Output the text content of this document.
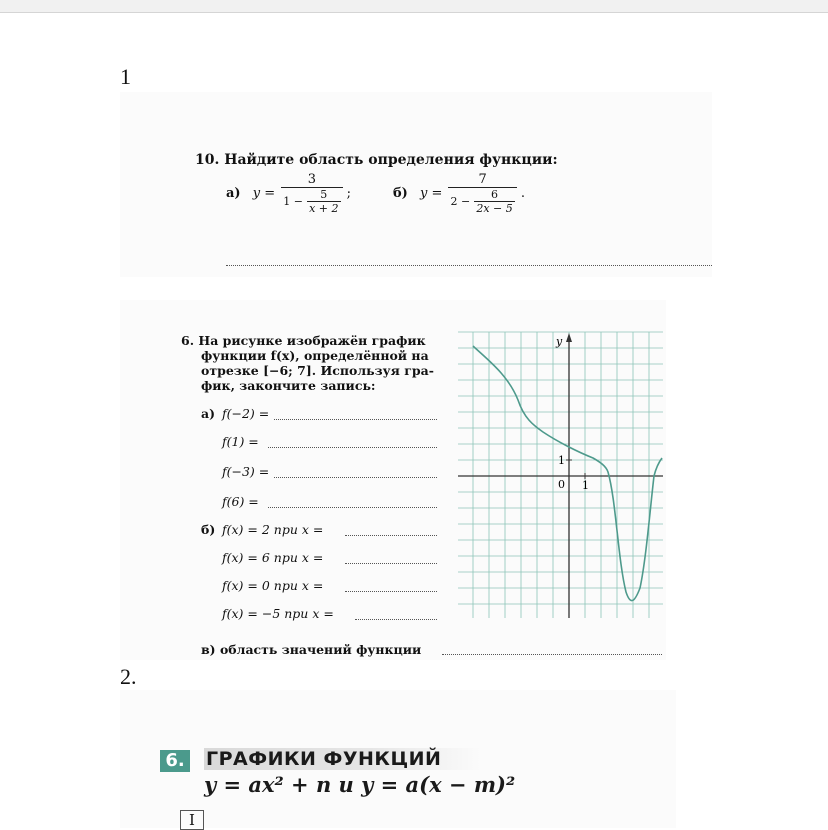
1
10. Найдите область определения функции:
а) $y = \frac{3}{1 - \frac{5}{x + 2}}$ ;	б) $y = \frac{7}{2 - \frac{6}{2x - 5}}$ .
6. На рисунке изображён график
функции f(x), определённой на
отрезке [−6; 7]. Используя гра-
фик, закончите запись:
а) f(−2) =
f(1) =
f(−3) =
f(6) =
б) f(x) = 2 при x =
f(x) = 6 при x =
f(x) = 0 при x =
f(x) = −5 при x =
в) область значений функции
y
1
0 1
2.
6. ГРАФИКИ ФУНКЦИЙ
y = ax² + n и y = a(x − m)²
I
